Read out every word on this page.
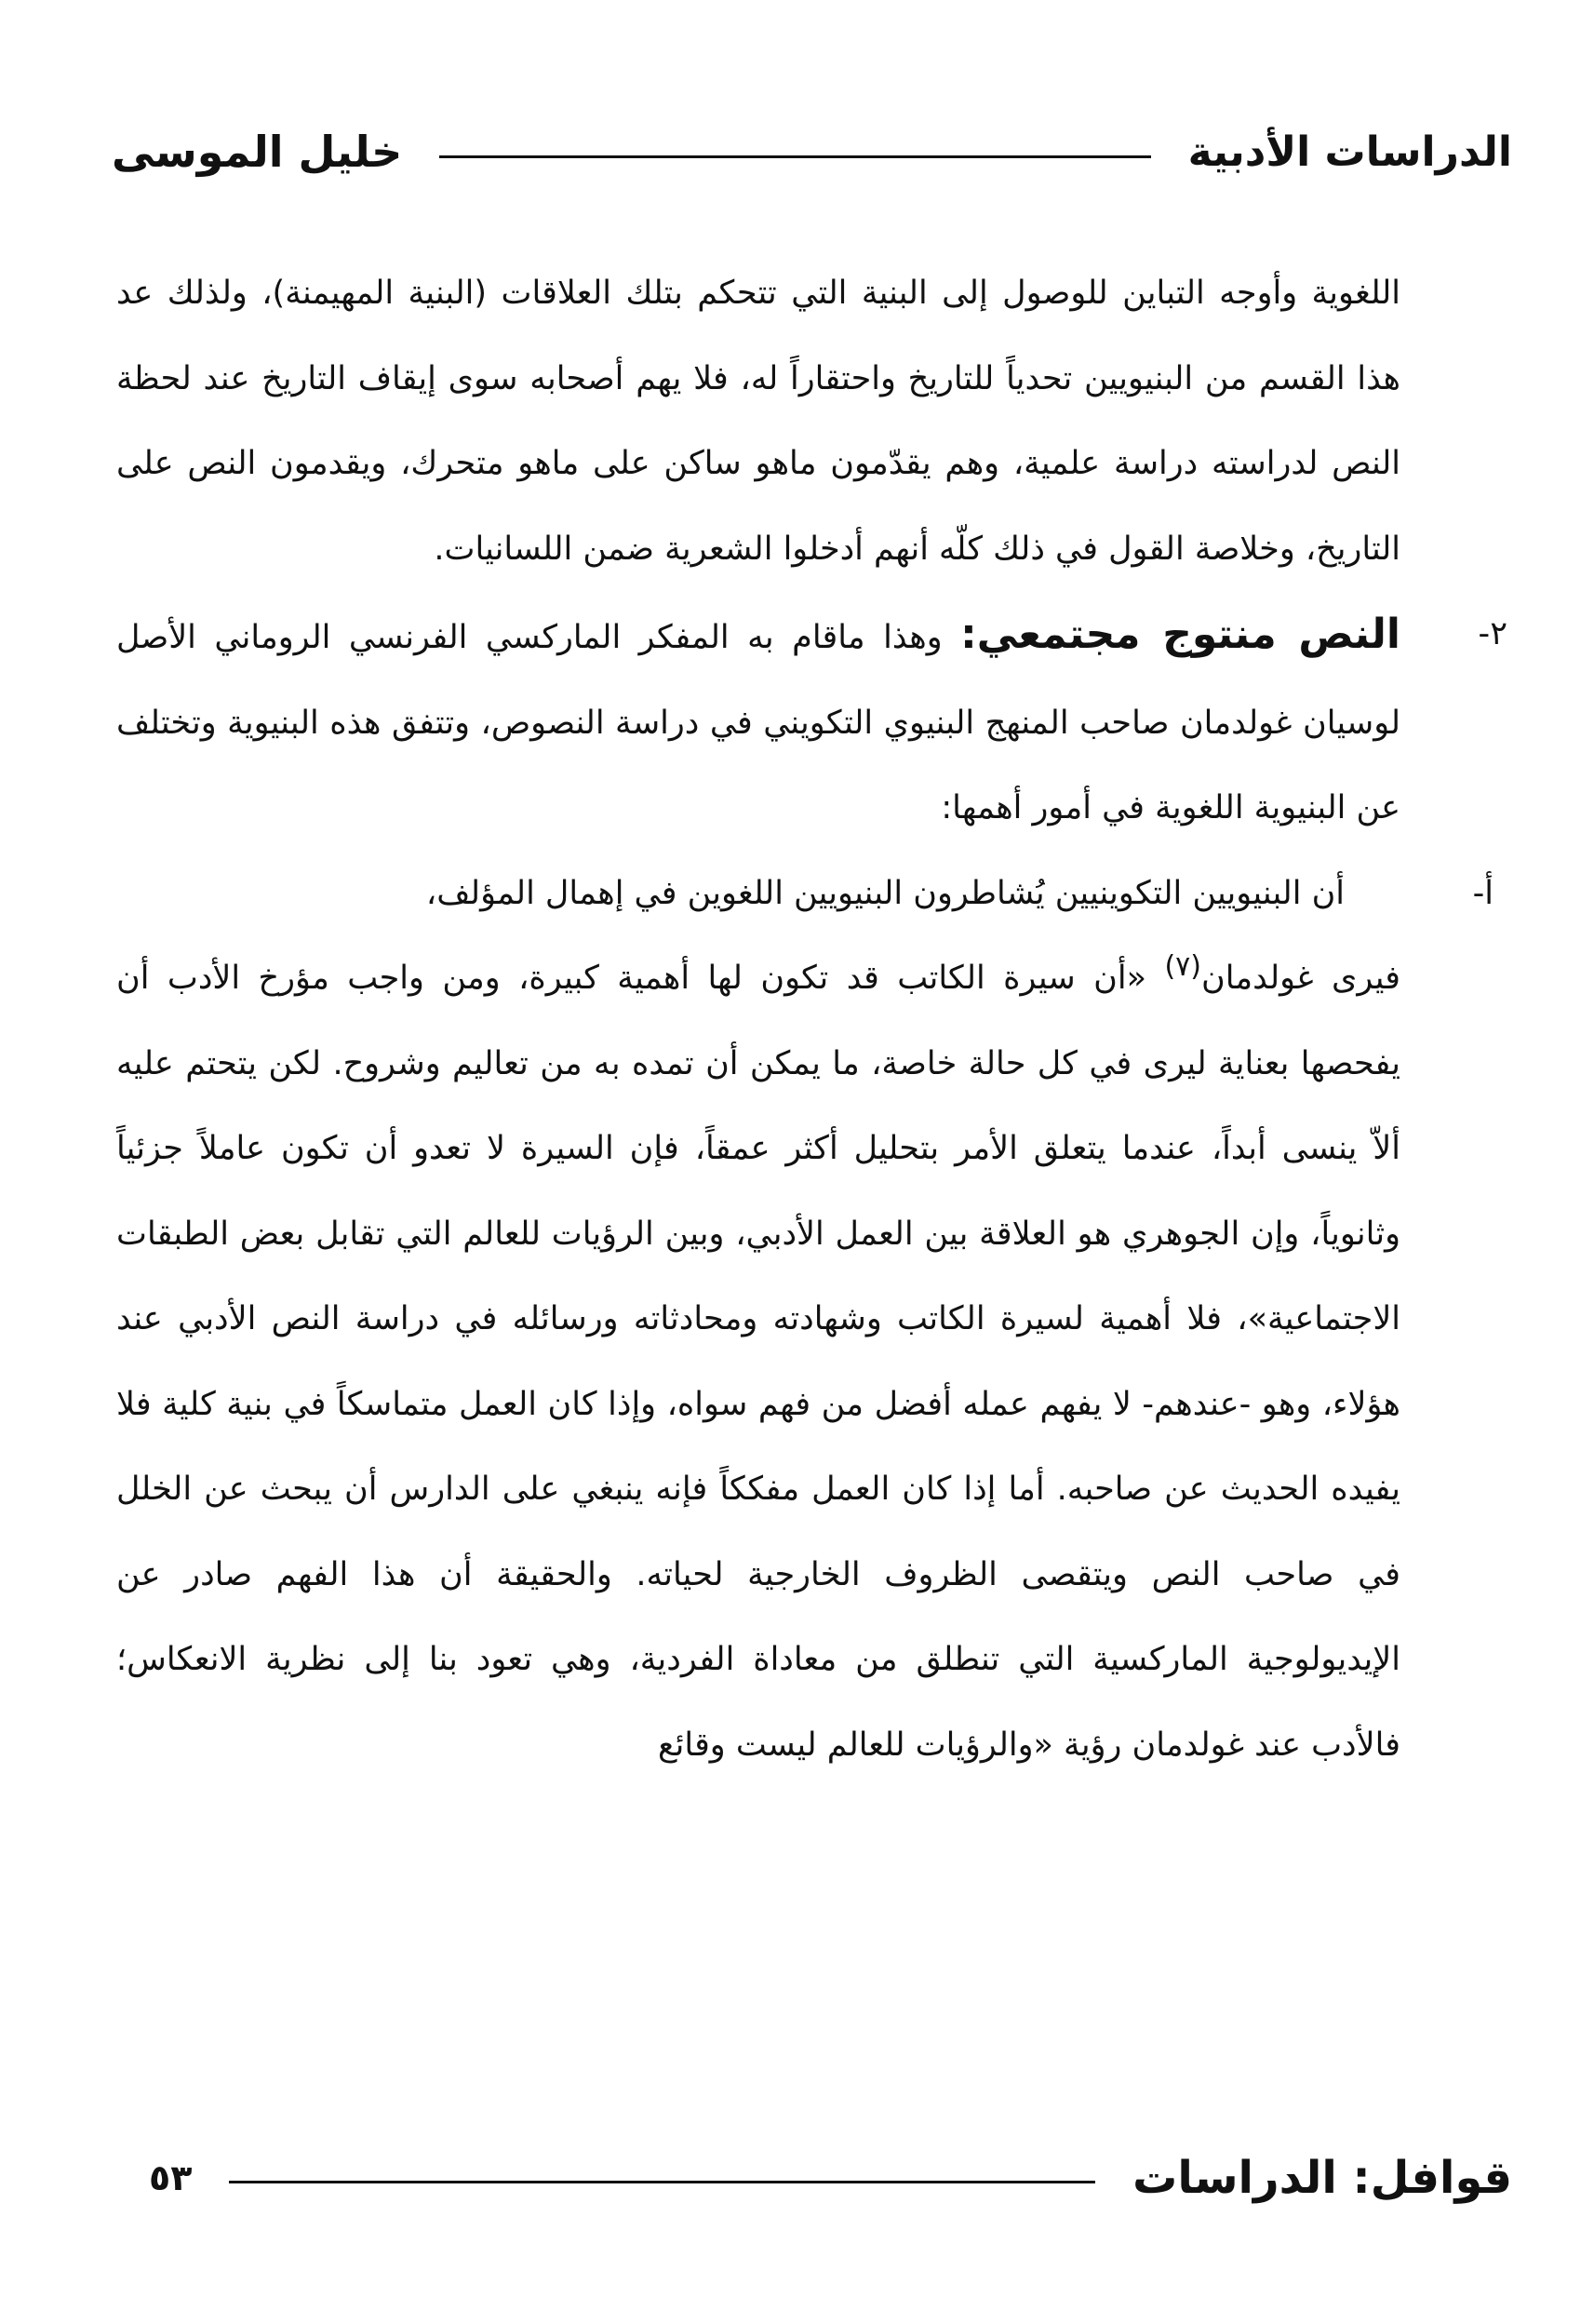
الدراسات الأدبية
خليل الموسى

اللغوية وأوجه التباين للوصول إلى البنية التي تتحكم بتلك العلاقات (البنية المهيمنة)، ولذلك عد هذا القسم من البنيويين تحدياً للتاريخ واحتقاراً له، فلا يهم أصحابه سوى إيقاف التاريخ عند لحظة النص لدراسته دراسة علمية، وهم يقدّمون ماهو ساكن على ماهو متحرك، ويقدمون النص على التاريخ، وخلاصة القول في ذلك كلّه أنهم أدخلوا الشعرية ضمن اللسانيات.

٢-

النص منتوج مجتمعي: وهذا ماقام به المفكر الماركسي الفرنسي الروماني الأصل لوسيان غولدمان صاحب المنهج البنيوي التكويني في دراسة النصوص، وتتفق هذه البنيوية وتختلف عن البنيوية اللغوية في أمور أهمها:

أ-

أن البنيويين التكوينيين يُشاطرون البنيويين اللغوين في إهمال المؤلف،

فيرى غولدمان(٧) «أن سيرة الكاتب قد تكون لها أهمية كبيرة، ومن واجب مؤرخ الأدب أن يفحصها بعناية ليرى في كل حالة خاصة، ما يمكن أن تمده به من تعاليم وشروح. لكن يتحتم عليه ألاّ ينسى أبداً، عندما يتعلق الأمر بتحليل أكثر عمقاً، فإن السيرة لا تعدو أن تكون عاملاً جزئياً وثانوياً، وإن الجوهري هو العلاقة بين العمل الأدبي، وبين الرؤيات للعالم التي تقابل بعض الطبقات الاجتماعية»، فلا أهمية لسيرة الكاتب وشهادته ومحادثاته ورسائله في دراسة النص الأدبي عند هؤلاء، وهو -عندهم- لا يفهم عمله أفضل من فهم سواه، وإذا كان العمل متماسكاً في بنية كلية فلا يفيده الحديث عن صاحبه. أما إذا كان العمل مفككاً فإنه ينبغي على الدارس أن يبحث عن الخلل في صاحب النص ويتقصى الظروف الخارجية لحياته. والحقيقة أن هذا الفهم صادر عن الإيديولوجية الماركسية التي تنطلق من معاداة الفردية، وهي تعود بنا إلى نظرية الانعكاس؛ فالأدب عند غولدمان رؤية «والرؤيات للعالم ليست وقائع

قوافل: الدراسات
٥٣
